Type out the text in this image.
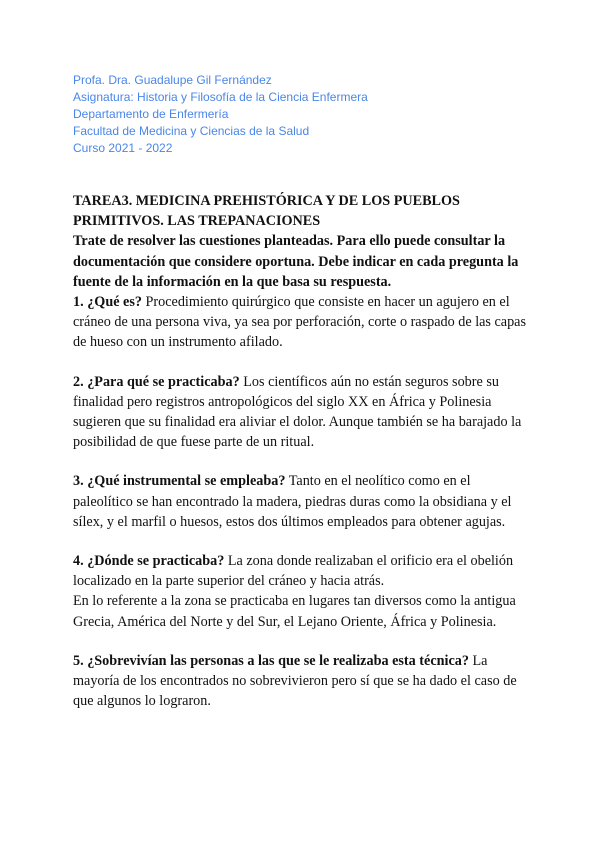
Profa. Dra. Guadalupe Gil Fernández
Asignatura: Historia y Filosofía de la Ciencia Enfermera
Departamento de Enfermería
Facultad de Medicina y Ciencias de la Salud
Curso 2021 - 2022
TAREA3. MEDICINA PREHISTÓRICA Y DE LOS PUEBLOS PRIMITIVOS. LAS TREPANACIONES
Trate de resolver las cuestiones planteadas. Para ello puede consultar la documentación que considere oportuna. Debe indicar en cada pregunta la fuente de la información en la que basa su respuesta.
1. ¿Qué es? Procedimiento quirúrgico que consiste en hacer un agujero en el cráneo de una persona viva, ya sea por perforación, corte o raspado de las capas de hueso con un instrumento afilado.
2. ¿Para qué se practicaba? Los científicos aún no están seguros sobre su finalidad pero registros antropológicos del siglo XX en África y Polinesia sugieren que su finalidad era aliviar el dolor. Aunque también se ha barajado la posibilidad de que fuese parte de un ritual.
3. ¿Qué instrumental se empleaba? Tanto en el neolítico como en el paleolítico se han encontrado la madera, piedras duras como la obsidiana y el sílex, y el marfil o huesos, estos dos últimos empleados para obtener agujas.
4. ¿Dónde se practicaba? La zona donde realizaban el orificio era el obelión localizado en la parte superior del cráneo y hacia atrás.
En lo referente a la zona se practicaba en lugares tan diversos como la antigua Grecia, América del Norte y del Sur, el Lejano Oriente, África y Polinesia.
5. ¿Sobrevivían las personas a las que se le realizaba esta técnica? La mayoría de los encontrados no sobrevivieron pero sí que se ha dado el caso de que algunos lo lograron.
